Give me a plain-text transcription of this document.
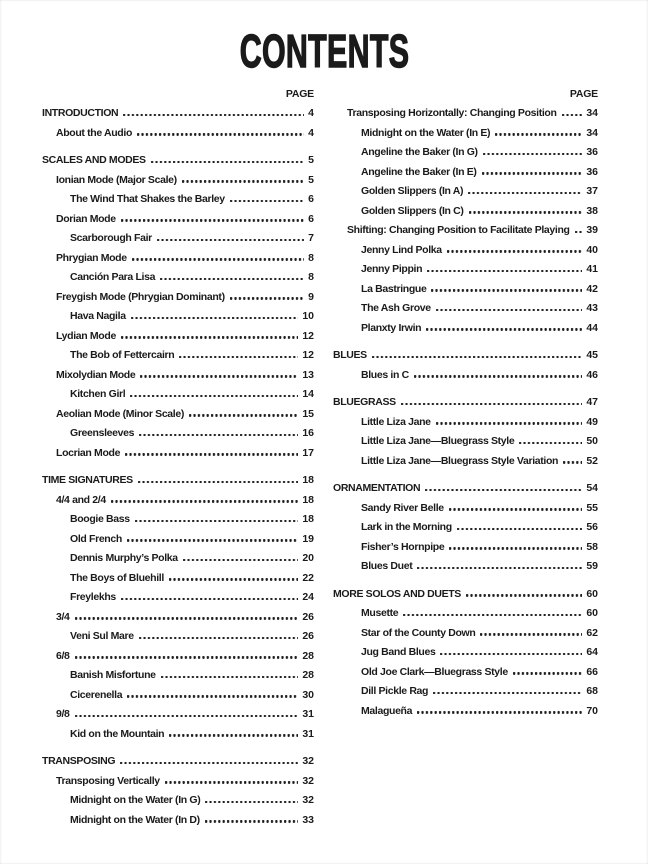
CONTENTS
PAGE
INTRODUCTION	4
About the Audio	4
SCALES AND MODES	5
Ionian Mode (Major Scale)	5
The Wind That Shakes the Barley	6
Dorian Mode	6
Scarborough Fair	7
Phrygian Mode	8
Canción Para Lisa	8
Freygish Mode (Phrygian Dominant)	9
Hava Nagila	10
Lydian Mode	12
The Bob of Fettercairn	12
Mixolydian Mode	13
Kitchen Girl	14
Aeolian Mode (Minor Scale)	15
Greensleeves	16
Locrian Mode	17
TIME SIGNATURES	18
4/4 and 2/4	18
Boogie Bass	18
Old French	19
Dennis Murphy’s Polka	20
The Boys of Bluehill	22
Freylekhs	24
3/4	26
Veni Sul Mare	26
6/8	28
Banish Misfortune	28
Cicerenella	30
9/8	31
Kid on the Mountain	31
TRANSPOSING	32
Transposing Vertically	32
Midnight on the Water (In G)	32
Midnight on the Water (In D)	33
PAGE
Transposing Horizontally: Changing Position	34
Midnight on the Water (In E)	34
Angeline the Baker (In G)	36
Angeline the Baker (In E)	36
Golden Slippers (In A)	37
Golden Slippers (In C)	38
Shifting: Changing Position to Facilitate Playing 39
Jenny Lind Polka	40
Jenny Pippin	41
La Bastringue	42
The Ash Grove	43
Planxty Irwin	44
BLUES	45
Blues in C	46
BLUEGRASS	47
Little Liza Jane	49
Little Liza Jane—Bluegrass Style	50
Little Liza Jane—Bluegrass Style Variation	52
ORNAMENTATION	54
Sandy River Belle	55
Lark in the Morning	56
Fisher’s Hornpipe	58
Blues Duet	59
MORE SOLOS AND DUETS	60
Musette	60
Star of the County Down	62
Jug Band Blues	64
Old Joe Clark—Bluegrass Style	66
Dill Pickle Rag	68
Malagueña	70
